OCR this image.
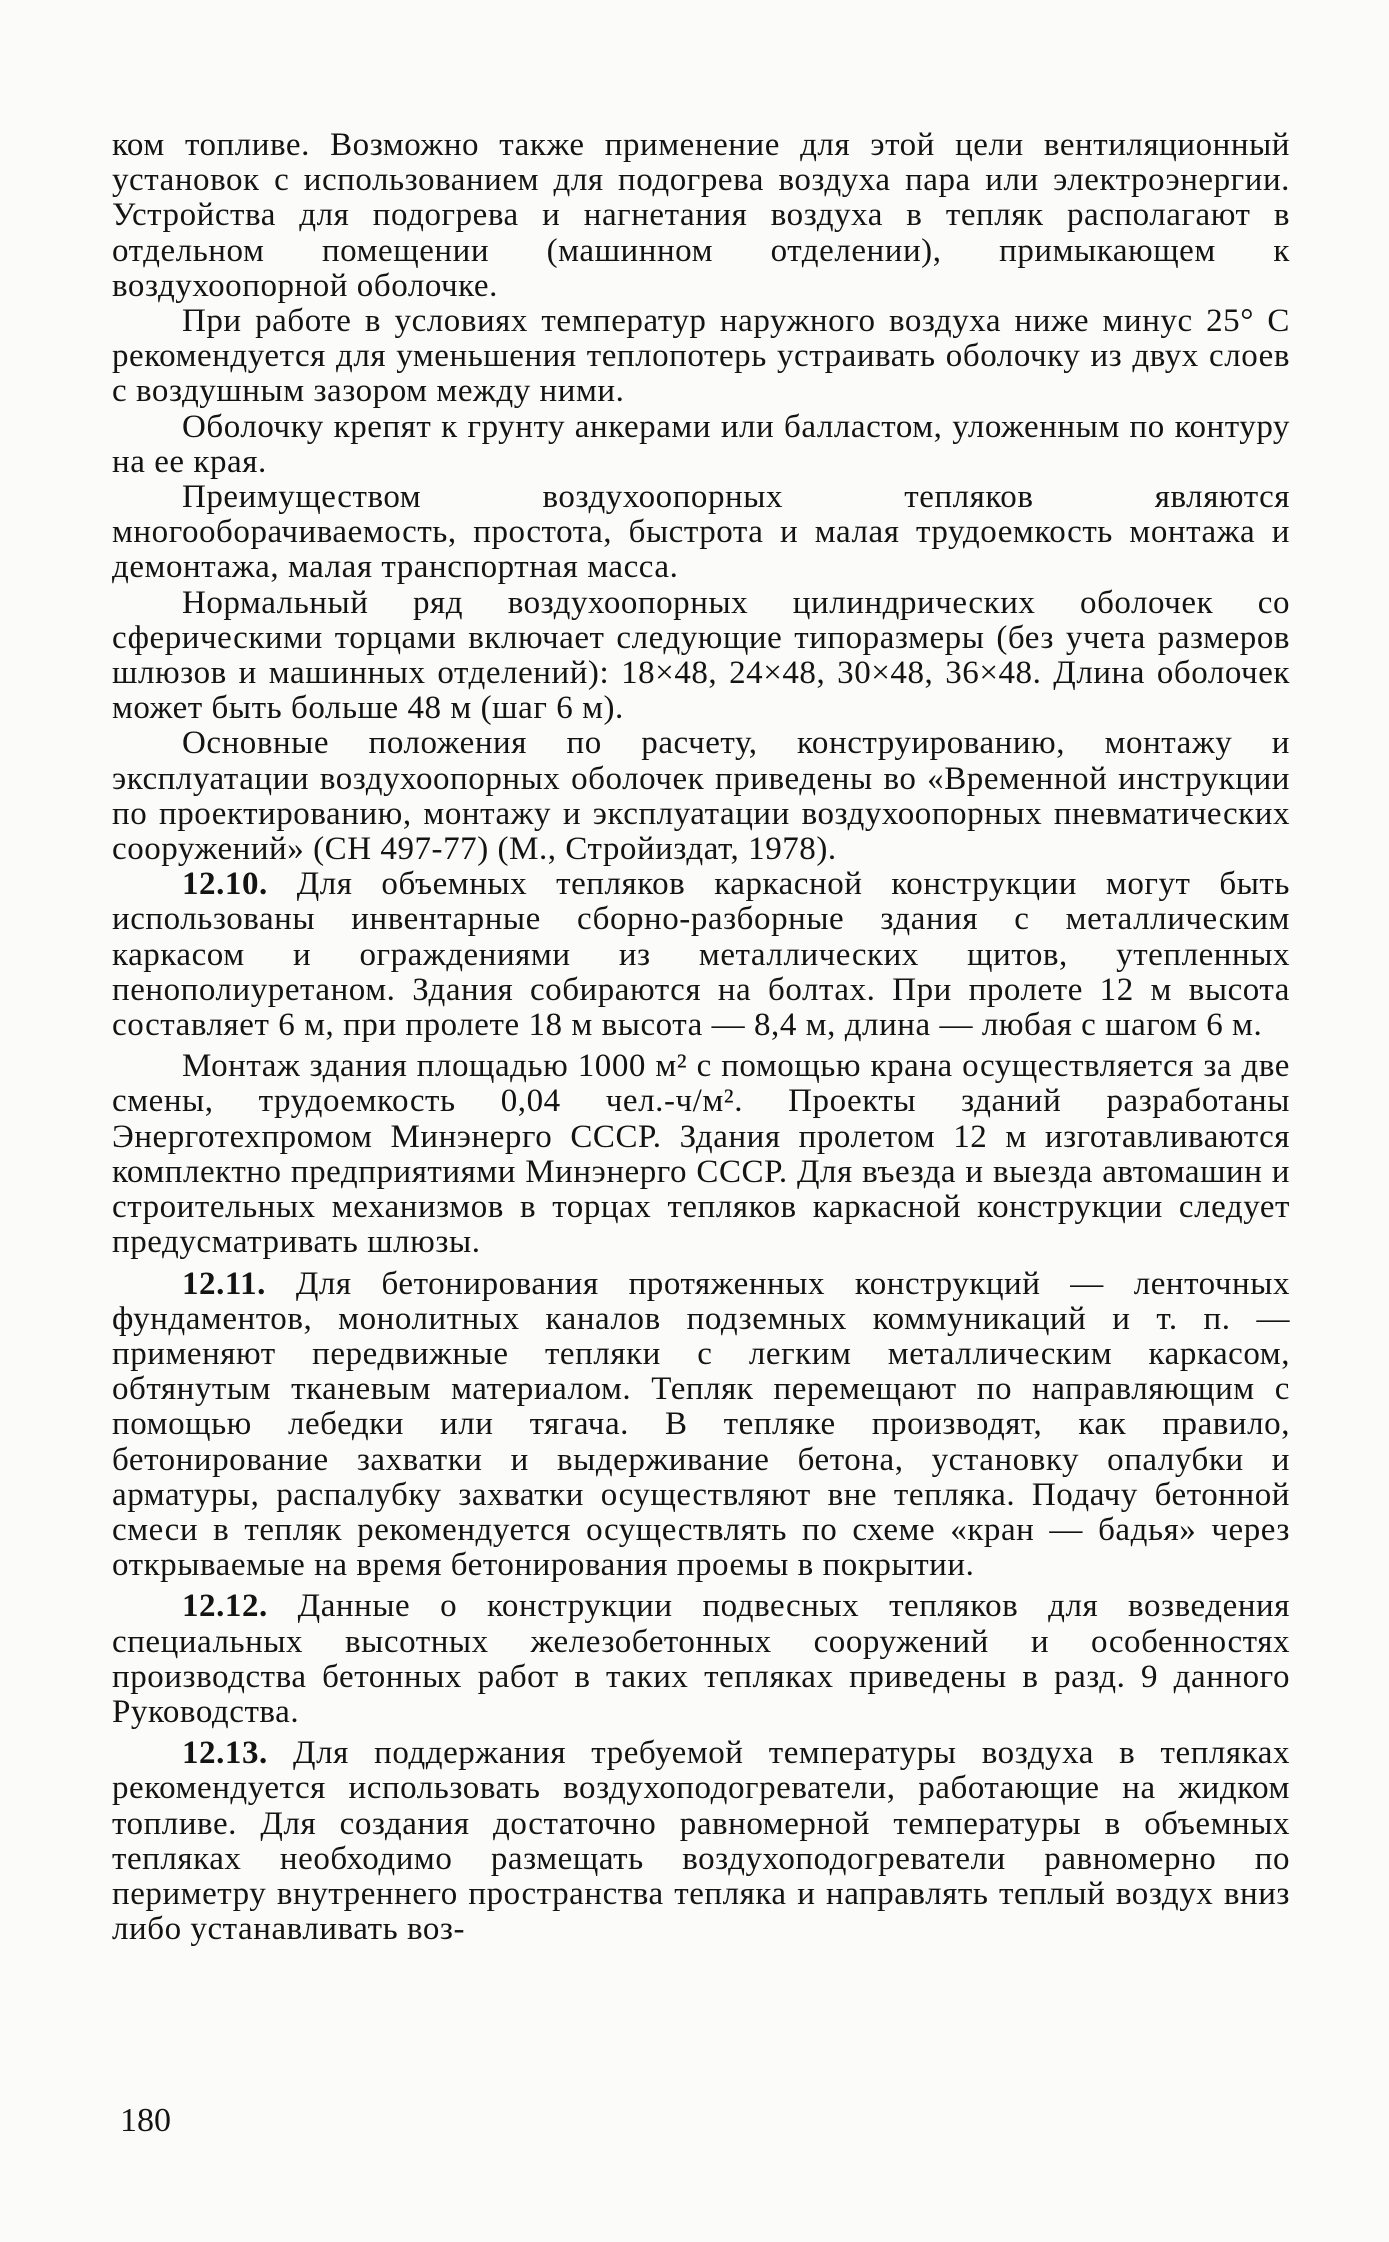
ком топливе. Возможно также применение для этой цели вентиляционный установок с использованием для подогрева воздуха пара или электроэнергии. Устройства для подогрева и нагнетания воздуха в тепляк располагают в отдельном помещении (машинном отделении), примыкающем к воздухоопорной оболочке.

При работе в условиях температур наружного воздуха ниже минус 25° С рекомендуется для уменьшения теплопотерь устраивать оболочку из двух слоев с воздушным зазором между ними.

Оболочку крепят к грунту анкерами или балластом, уложенным по контуру на ее края.

Преимуществом воздухоопорных тепляков являются многооборачиваемость, простота, быстрота и малая трудоемкость монтажа и демонтажа, малая транспортная масса.

Нормальный ряд воздухоопорных цилиндрических оболочек со сферическими торцами включает следующие типоразмеры (без учета размеров шлюзов и машинных отделений): 18×48, 24×48, 30×48, 36×48. Длина оболочек может быть больше 48 м (шаг 6 м).

Основные положения по расчету, конструированию, монтажу и эксплуатации воздухоопорных оболочек приведены во «Временной инструкции по проектированию, монтажу и эксплуатации воздухоопорных пневматических сооружений» (СН 497-77) (М., Стройиздат, 1978).

12.10. Для объемных тепляков каркасной конструкции могут быть использованы инвентарные сборно-разборные здания с металлическим каркасом и ограждениями из металлических щитов, утепленных пенополиуретаном. Здания собираются на болтах. При пролете 12 м высота составляет 6 м, при пролете 18 м высота — 8,4 м, длина — любая с шагом 6 м.

Монтаж здания площадью 1000 м² с помощью крана осуществляется за две смены, трудоемкость 0,04 чел.-ч/м². Проекты зданий разработаны Энерготехпромом Минэнерго СССР. Здания пролетом 12 м изготавливаются комплектно предприятиями Минэнерго СССР. Для въезда и выезда автомашин и строительных механизмов в торцах тепляков каркасной конструкции следует предусматривать шлюзы.

12.11. Для бетонирования протяженных конструкций — ленточных фундаментов, монолитных каналов подземных коммуникаций и т. п. — применяют передвижные тепляки с легким металлическим каркасом, обтянутым тканевым материалом. Тепляк перемещают по направляющим с помощью лебедки или тягача. В тепляке производят, как правило, бетонирование захватки и выдерживание бетона, установку опалубки и арматуры, распалубку захватки осуществляют вне тепляка. Подачу бетонной смеси в тепляк рекомендуется осуществлять по схеме «кран — бадья» через открываемые на время бетонирования проемы в покрытии.

12.12. Данные о конструкции подвесных тепляков для возведения специальных высотных железобетонных сооружений и особенностях производства бетонных работ в таких тепляках приведены в разд. 9 данного Руководства.

12.13. Для поддержания требуемой температуры воздуха в тепляках рекомендуется использовать воздухоподогреватели, работающие на жидком топливе. Для создания достаточно равномерной температуры в объемных тепляках необходимо размещать воздухоподогреватели равномерно по периметру внутреннего пространства тепляка и направлять теплый воздух вниз либо устанавливать воз-

180
